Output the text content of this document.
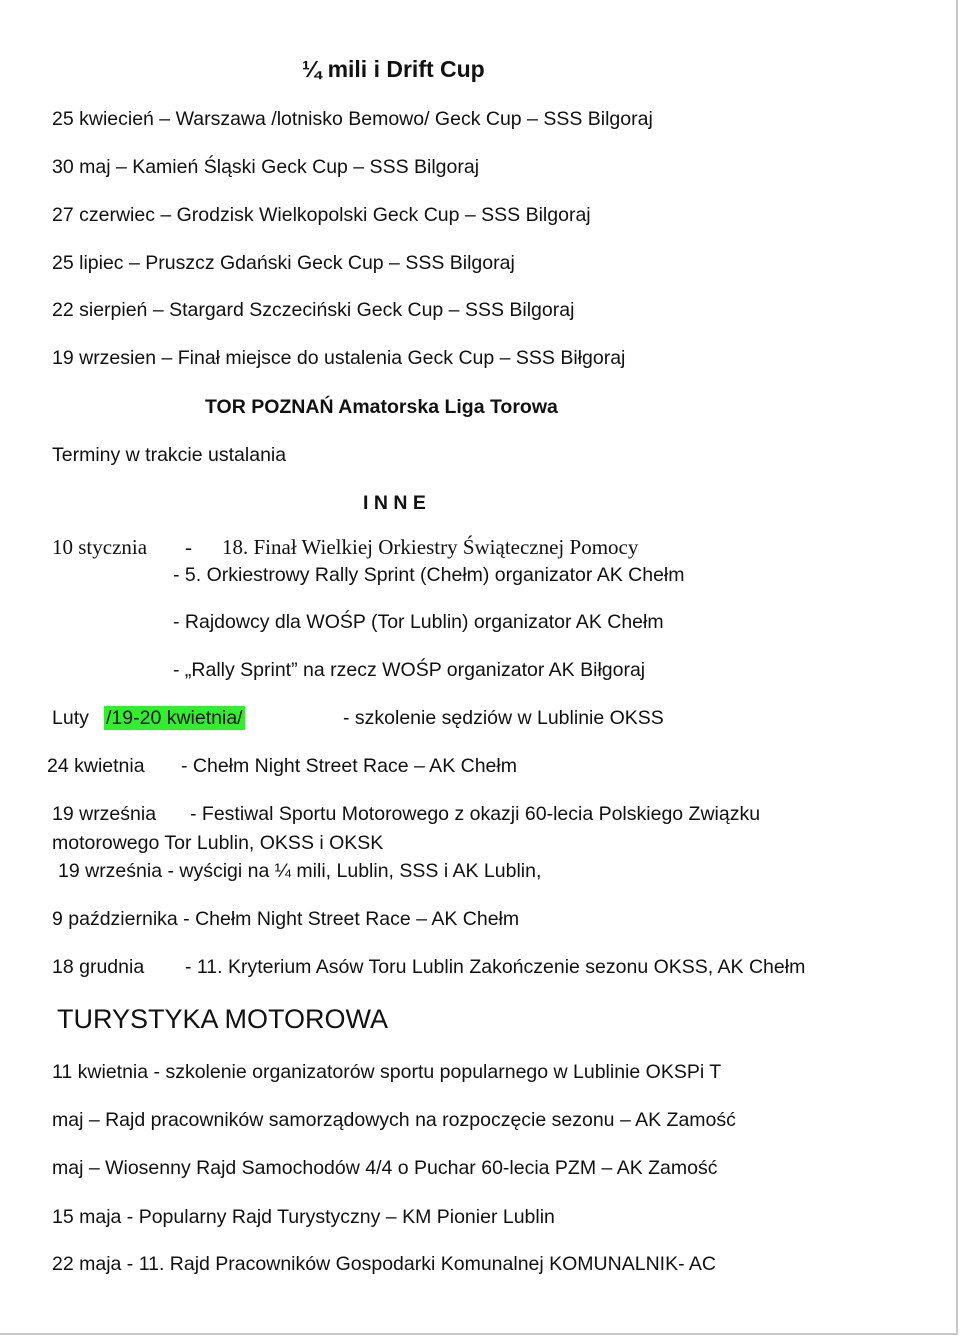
¼ mili i Drift Cup
25 kwiecień – Warszawa /lotnisko Bemowo/ Geck Cup – SSS Bilgoraj
30 maj – Kamień Śląski Geck Cup – SSS Bilgoraj
27 czerwiec – Grodzisk Wielkopolski Geck Cup – SSS Bilgoraj
25 lipiec – Pruszcz Gdański Geck Cup – SSS Bilgoraj
22 sierpień – Stargard Szczeciński Geck Cup – SSS Bilgoraj
19 wrzesien – Finał miejsce do ustalenia Geck Cup – SSS Biłgoraj
TOR POZNAŃ Amatorska Liga Torowa
Terminy w trakcie ustalania
I N N E
10 stycznia - 18. Finał Wielkiej Orkiestry Świątecznej Pomocy
- 5. Orkiestrowy Rally Sprint (Chełm) organizator AK Chełm
- Rajdowcy dla WOŚP (Tor Lublin) organizator AK Chełm
- „Rally Sprint” na rzecz WOŚP organizator AK Biłgoraj
Luty /19-20 kwietnia/	- szkolenie sędziów w Lublinie OKSS
24 kwietnia - Chełm Night Street Race – AK Chełm
19 września - Festiwal Sportu Motorowego z okazji 60-lecia Polskiego Związku
motorowego Tor Lublin, OKSS i OKSK
19 września - wyścigi na ¼ mili, Lublin, SSS i AK Lublin,
9 października - Chełm Night Street Race – AK Chełm
18 grudnia - 11. Kryterium Asów Toru Lublin Zakończenie sezonu OKSS, AK Chełm
TURYSTYKA MOTOROWA
11 kwietnia - szkolenie organizatorów sportu popularnego w Lublinie OKSPi T
maj – Rajd pracowników samorządowych na rozpoczęcie sezonu – AK Zamość
maj – Wiosenny Rajd Samochodów 4/4 o Puchar 60-lecia PZM – AK Zamość
15 maja - Popularny Rajd Turystyczny – KM Pionier Lublin
22 maja - 11. Rajd Pracowników Gospodarki Komunalnej KOMUNALNIK- AC
